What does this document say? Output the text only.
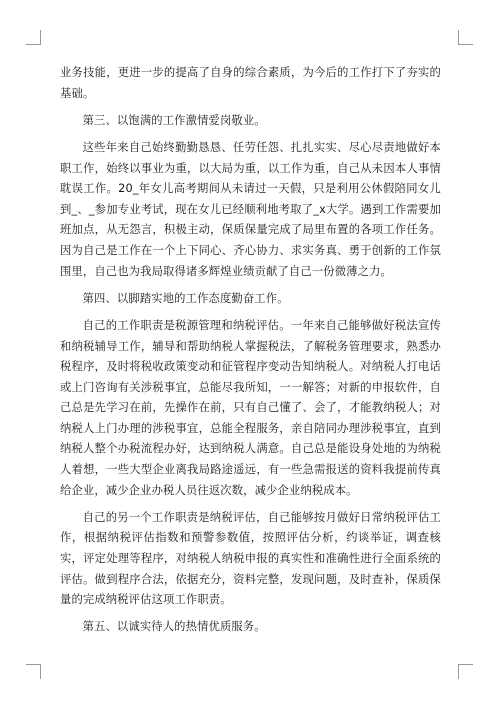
业务技能，更进一步的提高了自身的综合素质，为今后的工作打下了夯实的基础。

第三、以饱满的工作激情爱岗敬业。

这些年来自己始终勤勤恳恳、任劳任怨、扎扎实实、尽心尽责地做好本职工作，始终以事业为重，以大局为重，以工作为重，自己从未因本人事情耽误工作。20_年女儿高考期间从未请过一天假，只是利用公休假陪同女儿到_、_参加专业考试，现在女儿已经顺利地考取了_x大学。遇到工作需要加班加点，从无怨言，积极主动，保质保量完成了局里布置的各项工作任务。因为自己是工作在一个上下同心、齐心协力、求实务真、勇于创新的工作氛围里，自己也为我局取得诸多辉煌业绩贡献了自己一份微薄之力。

第四、以脚踏实地的工作态度勤奋工作。

自己的工作职责是税源管理和纳税评估。一年来自己能够做好税法宣传和纳税辅导工作，辅导和帮助纳税人掌握税法，了解税务管理要求，熟悉办税程序，及时将税收政策变动和征管程序变动告知纳税人。对纳税人打电话或上门咨询有关涉税事宜，总能尽我所知，一一解答；对新的申报软件，自己总是先学习在前，先操作在前，只有自己懂了、会了，才能教纳税人；对纳税人上门办理的涉税事宜，总能全程服务，亲自陪同办理涉税事宜，直到纳税人整个办税流程办好，达到纳税人满意。自己总是能设身处地的为纳税人着想，一些大型企业离我局路途遥远，有一些急需报送的资料我提前传真给企业，减少企业办税人员往返次数，减少企业纳税成本。

自己的另一个工作职责是纳税评估，自己能够按月做好日常纳税评估工作，根据纳税评估指数和预警参数值，按照评估分析，约谈举证，调查核实，评定处理等程序，对纳税人纳税申报的真实性和准确性进行全面系统的评估。做到程序合法，依据充分，资料完整，发现问题，及时查补，保质保量的完成纳税评估这项工作职责。

第五、以诚实待人的热情优质服务。
